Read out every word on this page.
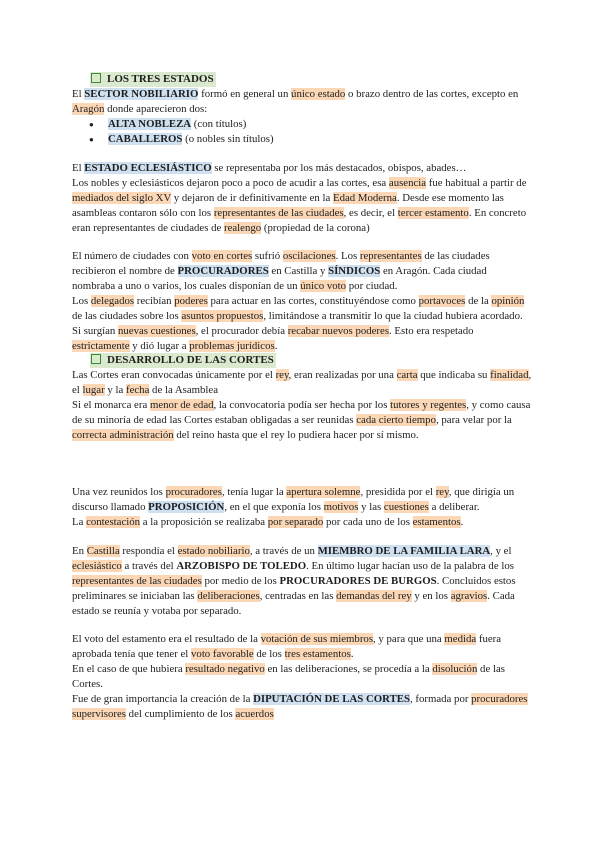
LOS TRES ESTADOS

El SECTOR NOBILIARIO formó en general un único estado o brazo dentro de las cortes, excepto en Aragón donde aparecieron dos:

● ALTA NOBLEZA (con títulos)
● CABALLEROS (o nobles sin títulos)

El ESTADO ECLESIÁSTICO se representaba por los más destacados, obispos, abades…

Los nobles y eclesiásticos dejaron poco a poco de acudir a las cortes, esa ausencia fue habitual a partir de mediados del siglo XV y dejaron de ir definitivamente en la Edad Moderna. Desde ese momento las asambleas contaron sólo con los representantes de las ciudades, es decir, el tercer estamento. En concreto eran representantes de ciudades de realengo (propiedad de la corona)

El número de ciudades con voto en cortes sufrió oscilaciones. Los representantes de las ciudades recibieron el nombre de PROCURADORES en Castilla y SÍNDICOS en Aragón. Cada ciudad nombraba a uno o varios, los cuales disponían de un único voto por ciudad.

Los delegados recibían poderes para actuar en las cortes, constituyéndose como portavoces de la opinión de las ciudades sobre los asuntos propuestos, limitándose a transmitir lo que la ciudad hubiera acordado. Si surgían nuevas cuestiones, el procurador debía recabar nuevos poderes. Esto era respetado estrictamente y dió lugar a problemas jurídicos.

DESARROLLO DE LAS CORTES

Las Cortes eran convocadas únicamente por el rey, eran realizadas por una carta que indicaba su finalidad, el lugar y la fecha de la Asamblea

Si el monarca era menor de edad, la convocatoria podía ser hecha por los tutores y regentes, y como causa de su minoría de edad las Cortes estaban obligadas a ser reunidas cada cierto tiempo, para velar por la correcta administración del reino hasta que el rey lo pudiera hacer por sí mismo.

Una vez reunidos los procuradores, tenía lugar la apertura solemne, presidida por el rey, que dirigía un discurso llamado PROPOSICIÓN, en el que exponía los motivos y las cuestiones a deliberar.

La contestación a la proposición se realizaba por separado por cada uno de los estamentos.

En Castilla respondía el estado nobiliario, a través de un MIEMBRO DE LA FAMILIA LARA, y el eclesiástico a través del ARZOBISPO DE TOLEDO. En último lugar hacían uso de la palabra de los representantes de las ciudades por medio de los PROCURADORES DE BURGOS. Concluidos estos preliminares se iniciaban las deliberaciones, centradas en las demandas del rey y en los agravios. Cada estado se reunía y votaba por separado.

El voto del estamento era el resultado de la votación de sus miembros, y para que una medida fuera aprobada tenía que tener el voto favorable de los tres estamentos.

En el caso de que hubiera resultado negativo en las deliberaciones, se procedía a la disolución de las Cortes.

Fue de gran importancia la creación de la DIPUTACIÓN DE LAS CORTES, formada por procuradores supervisores del cumplimiento de los acuerdos
